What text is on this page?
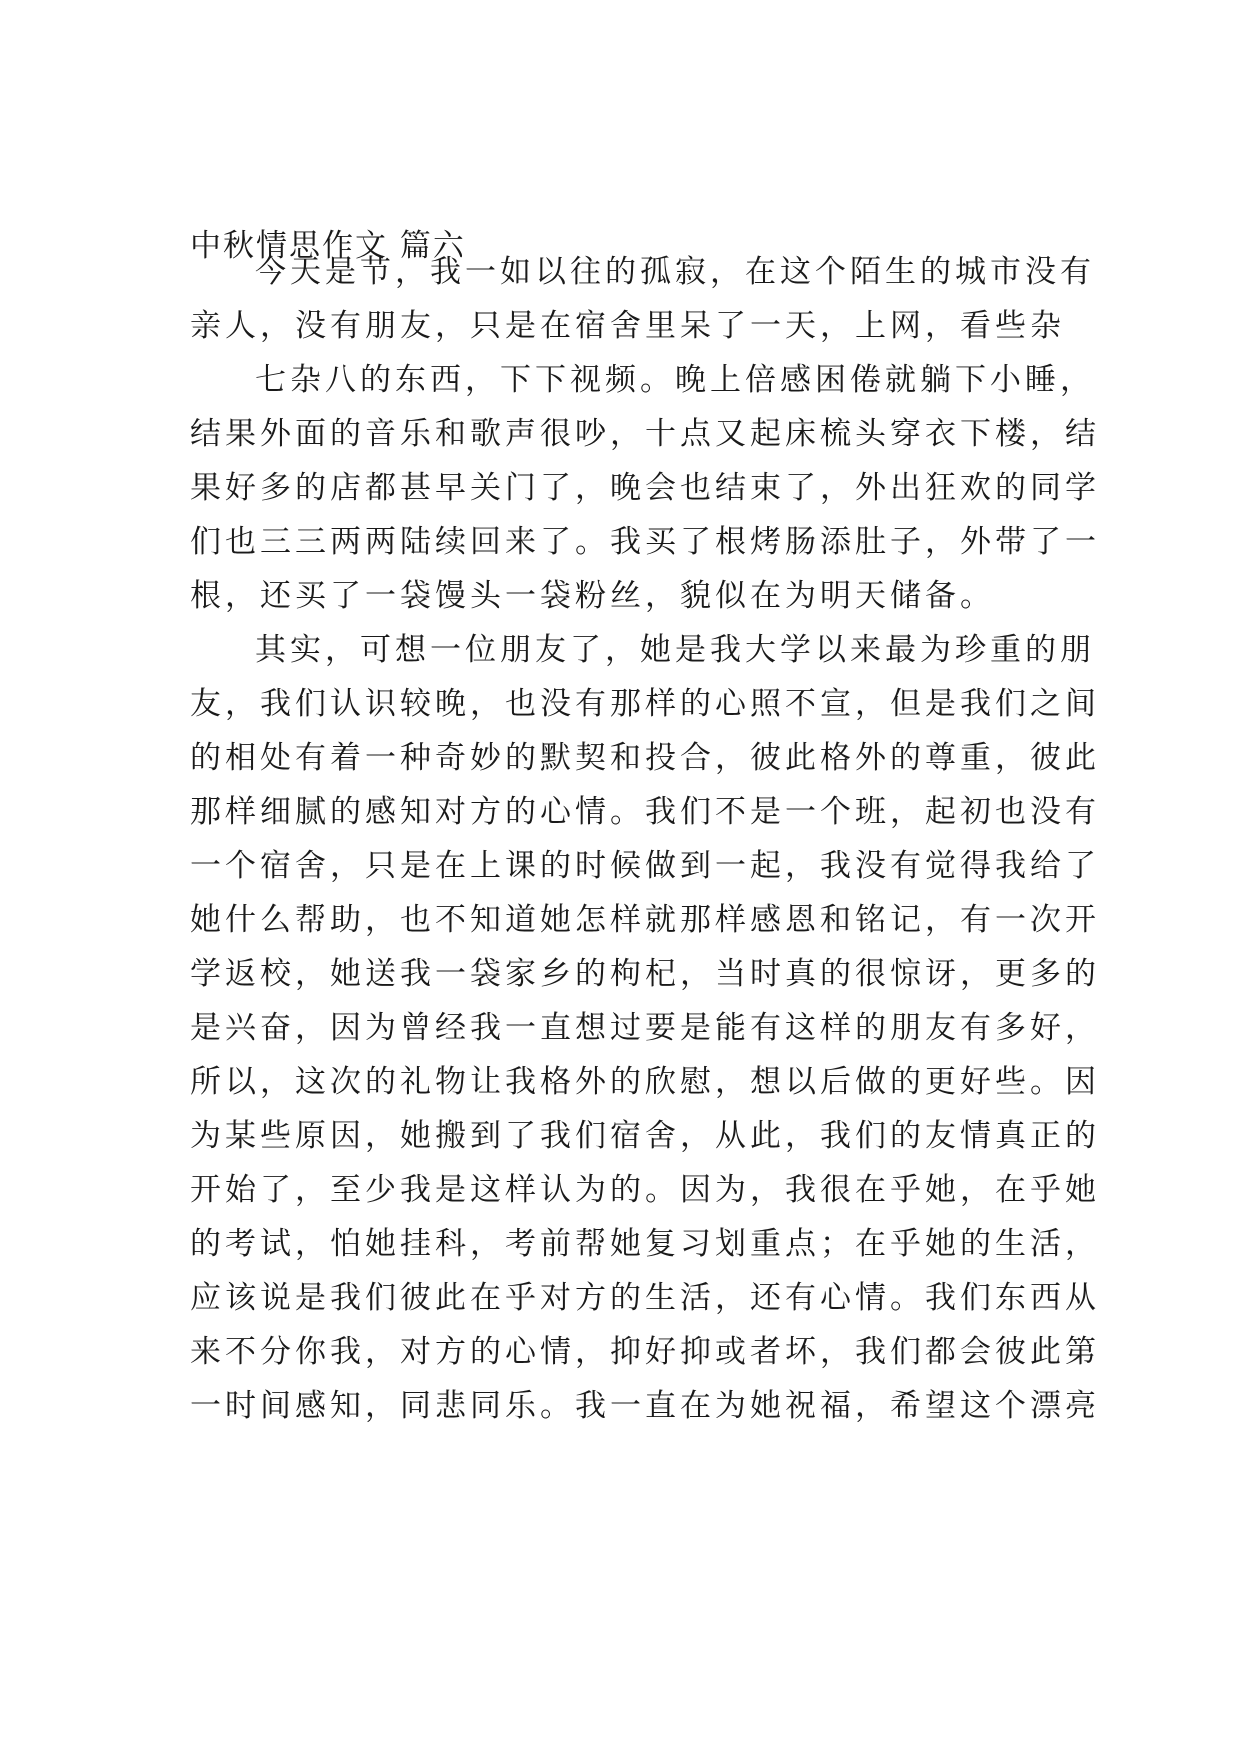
中秋情思作文 篇六
今天是节，我一如以往的孤寂，在这个陌生的城市没有
亲人，没有朋友，只是在宿舍里呆了一天，上网，看些杂
七杂八的东西，下下视频。晚上倍感困倦就躺下小睡，
结果外面的音乐和歌声很吵，十点又起床梳头穿衣下楼，结
果好多的店都甚早关门了，晚会也结束了，外出狂欢的同学
们也三三两两陆续回来了。我买了根烤肠添肚子，外带了一
根，还买了一袋馒头一袋粉丝，貌似在为明天储备。
其实，可想一位朋友了，她是我大学以来最为珍重的朋
友，我们认识较晚，也没有那样的心照不宣，但是我们之间
的相处有着一种奇妙的默契和投合，彼此格外的尊重，彼此
那样细腻的感知对方的心情。我们不是一个班，起初也没有
一个宿舍，只是在上课的时候做到一起，我没有觉得我给了
她什么帮助，也不知道她怎样就那样感恩和铭记，有一次开
学返校，她送我一袋家乡的枸杞，当时真的很惊讶，更多的
是兴奋，因为曾经我一直想过要是能有这样的朋友有多好，
所以，这次的礼物让我格外的欣慰，想以后做的更好些。因
为某些原因，她搬到了我们宿舍，从此，我们的友情真正的
开始了，至少我是这样认为的。因为，我很在乎她，在乎她
的考试，怕她挂科，考前帮她复习划重点；在乎她的生活，
应该说是我们彼此在乎对方的生活，还有心情。我们东西从
来不分你我，对方的心情，抑好抑或者坏，我们都会彼此第
一时间感知，同悲同乐。我一直在为她祝福，希望这个漂亮
